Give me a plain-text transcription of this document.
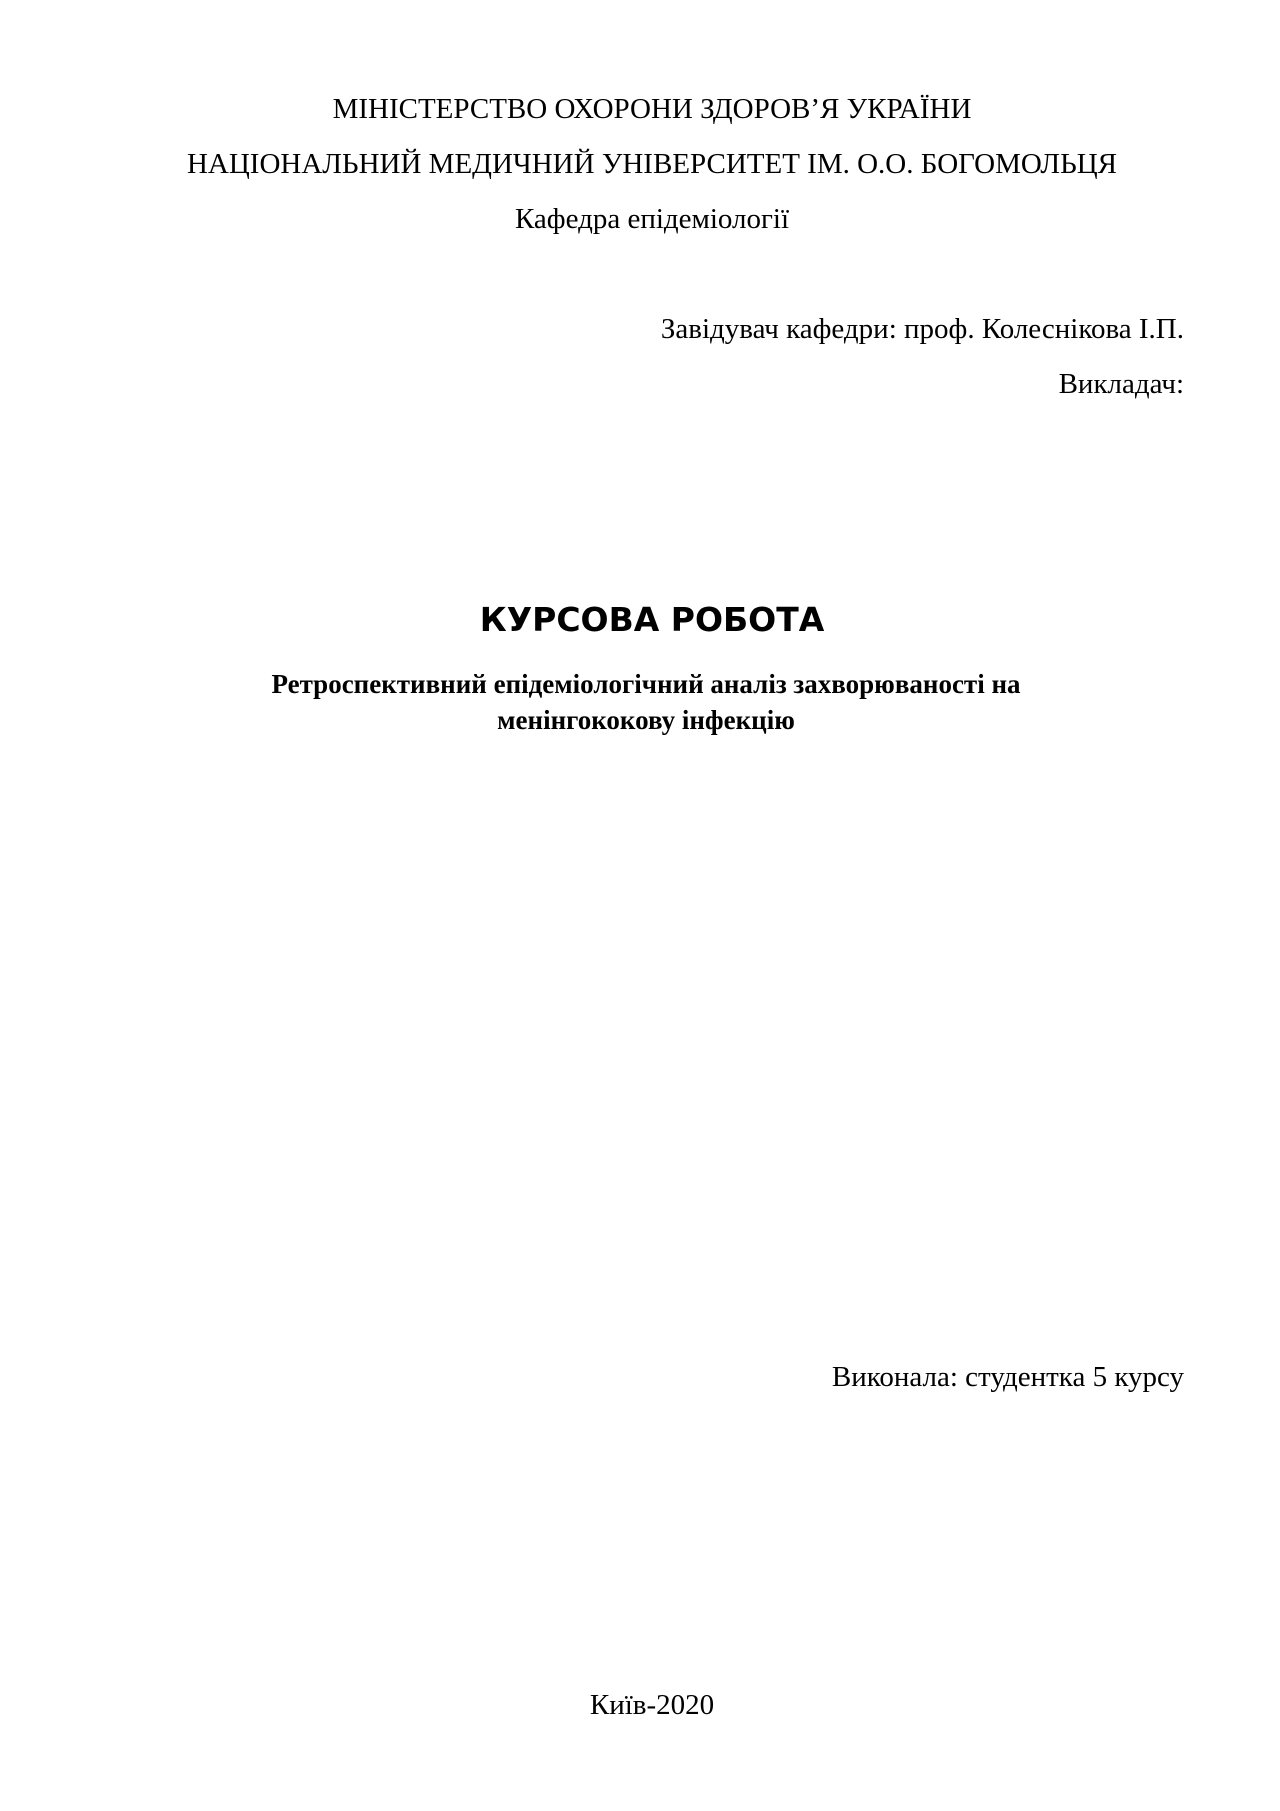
МІНІСТЕРСТВО ОХОРОНИ ЗДОРОВ’Я УКРАЇНИ
НАЦІОНАЛЬНИЙ МЕДИЧНИЙ УНІВЕРСИТЕТ ІМ. О.О. БОГОМОЛЬЦЯ
Кафедра епідеміології
Завідувач кафедри: проф. Колеснікова І.П.
Викладач:
КУРСОВА РОБОТА
Ретроспективний епідеміологічний аналіз захворюваності на
менінгококову інфекцію
Виконала: студентка 5 курсу
Київ-2020
